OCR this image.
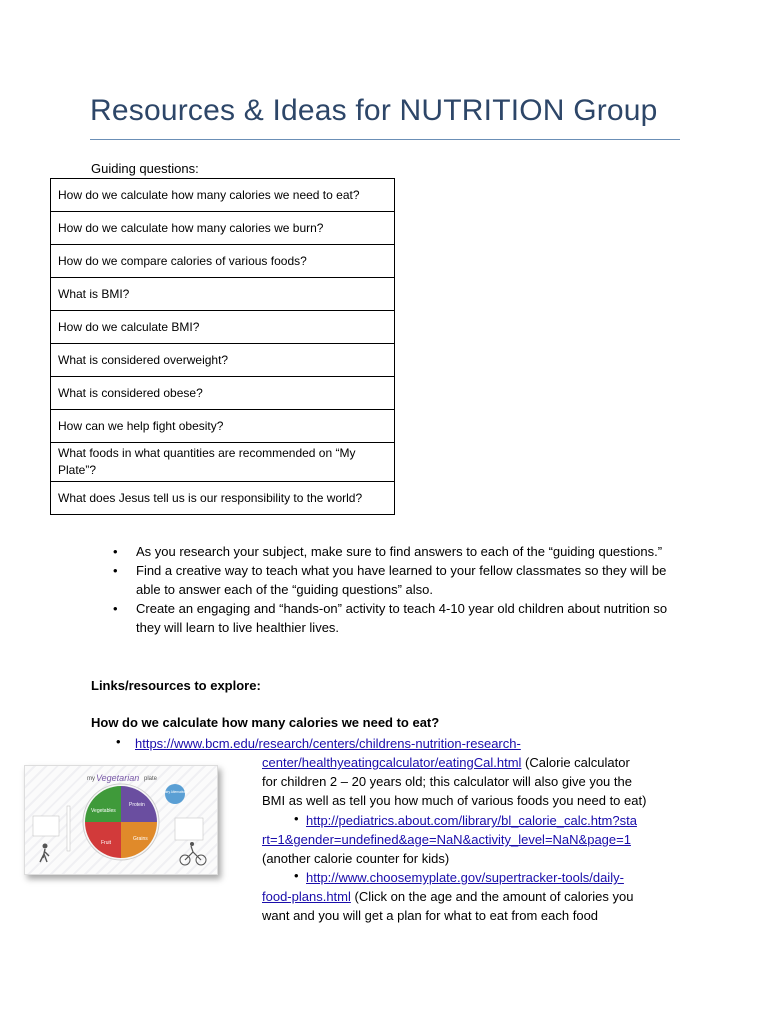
Resources & Ideas for NUTRITION Group
Guiding questions:
How do we calculate how many calories we need to eat?
How do we calculate how many calories we burn?
How do we compare calories of various foods?
What is BMI?
How do we calculate BMI?
What is considered overweight?
What is considered obese?
How can we help fight obesity?
What foods in what quantities are recommended on “My Plate”?
What does Jesus tell us is our responsibility to the world?
• As you research your subject, make sure to find answers to each of the “guiding questions.”
• Find a creative way to teach what you have learned to your fellow classmates so they will be able to answer each of the “guiding questions” also.
• Create an engaging and “hands-on” activity to teach 4-10 year old children about nutrition so they will learn to live healthier lives.
Links/resources to explore:
How do we calculate how many calories we need to eat?
• https://www.bcm.edu/research/centers/childrens-nutrition-research-
center/healthyeatingcalculator/eatingCal.html (Calorie calculator
for children 2 – 20 years old; this calculator will also give you the
BMI as well as tell you how much of various foods you need to eat)
• http://pediatrics.about.com/library/bl_calorie_calc.htm?sta
rt=1&gender=undefined&age=NaN&activity_level=NaN&page=1
(another calorie counter for kids)
• http://www.choosemyplate.gov/supertracker-tools/daily-
food-plans.html (Click on the age and the amount of calories you
want and you will get a plan for what to eat from each food
my Vegetarian plate
Vegetables
Protein
Fruit
Grains
Dairy Alternatives
